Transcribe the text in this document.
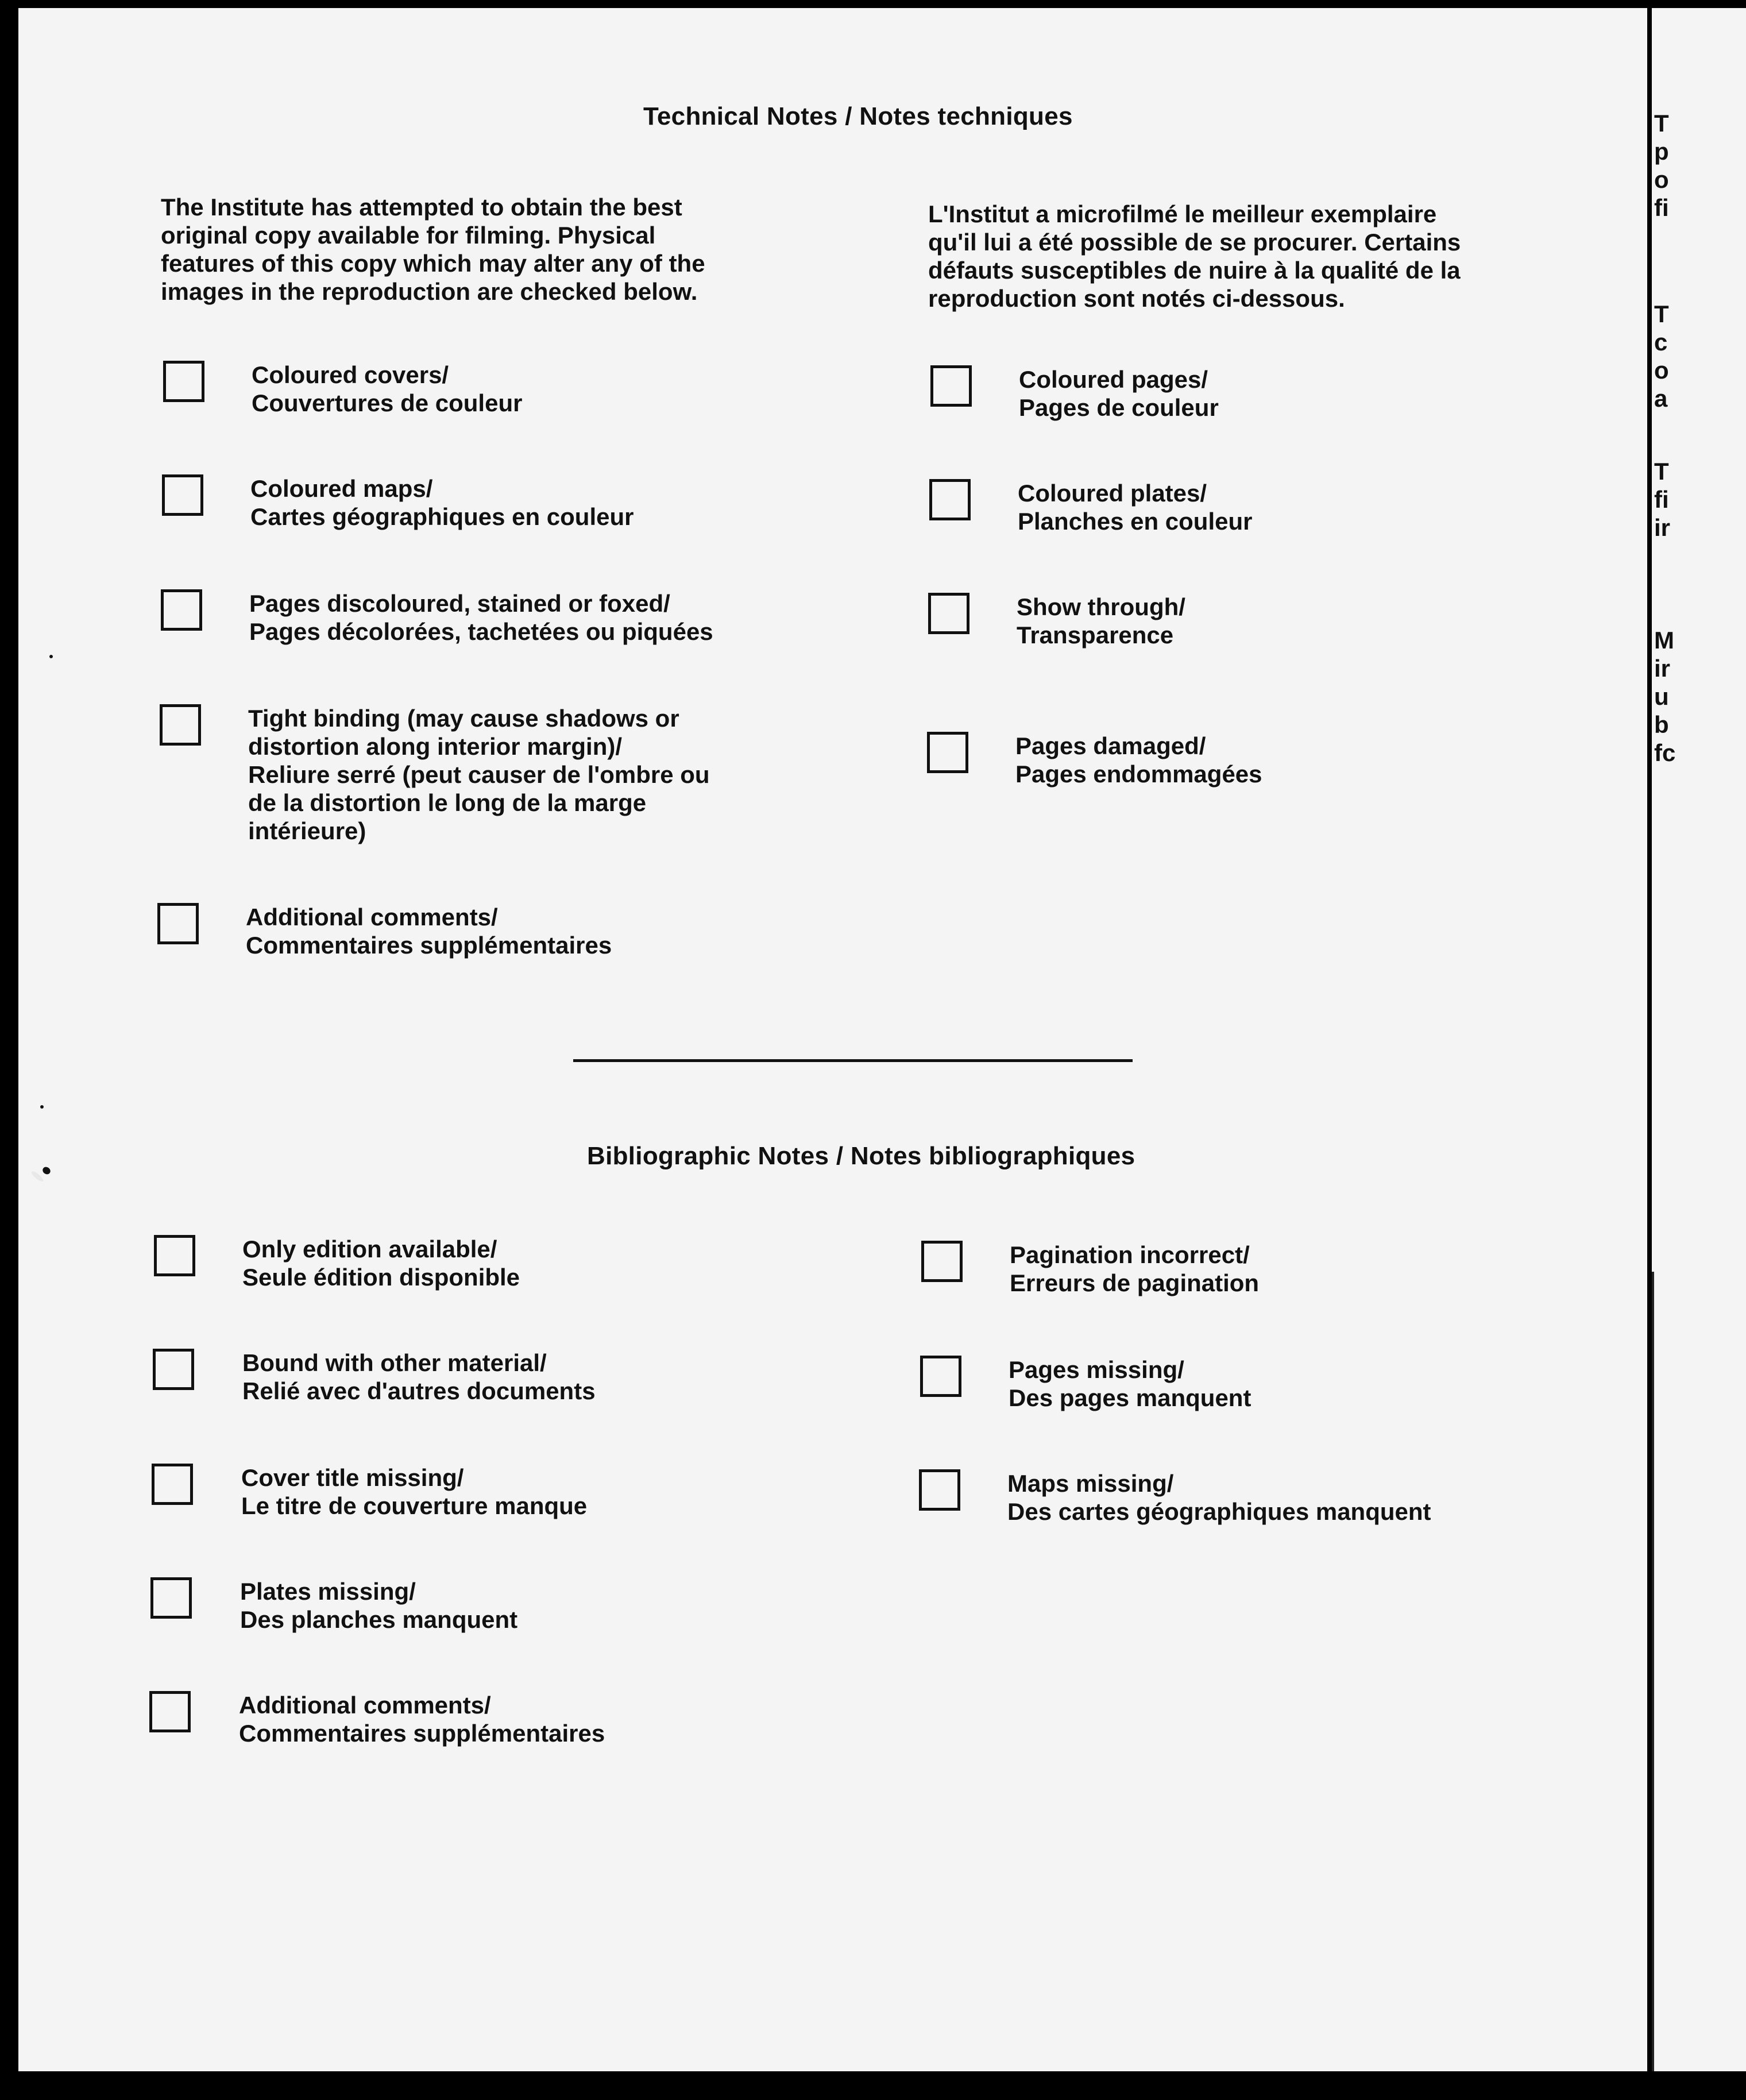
Technical Notes / Notes techniques
The Institute has attempted to obtain the best
original copy available for filming. Physical
features of this copy which may alter any of the
images in the reproduction are checked below.
L'Institut a microfilmé le meilleur exemplaire
qu'il lui a été possible de se procurer. Certains
défauts susceptibles de nuire à la qualité de la
reproduction sont notés ci-dessous.
Coloured covers/
Couvertures de couleur
Coloured maps/
Cartes géographiques en couleur
Pages discoloured, stained or foxed/
Pages décolorées, tachetées ou piquées
Tight binding (may cause shadows or
distortion along interior margin)/
Reliure serré (peut causer de l'ombre ou
de la distortion le long de la marge
intérieure)
Additional comments/
Commentaires supplémentaires
Coloured pages/
Pages de couleur
Coloured plates/
Planches en couleur
Show through/
Transparence
Pages damaged/
Pages endommagées
Bibliographic Notes / Notes bibliographiques
Only edition available/
Seule édition disponible
Bound with other material/
Relié avec d'autres documents
Cover title missing/
Le titre de couverture manque
Plates missing/
Des planches manquent
Additional comments/
Commentaires supplémentaires
Pagination incorrect/
Erreurs de pagination
Pages missing/
Des pages manquent
Maps missing/
Des cartes géographiques manquent
T
p
o
fi
T
c
o
a
T
fi
ir
M
ir
u
b
fc
